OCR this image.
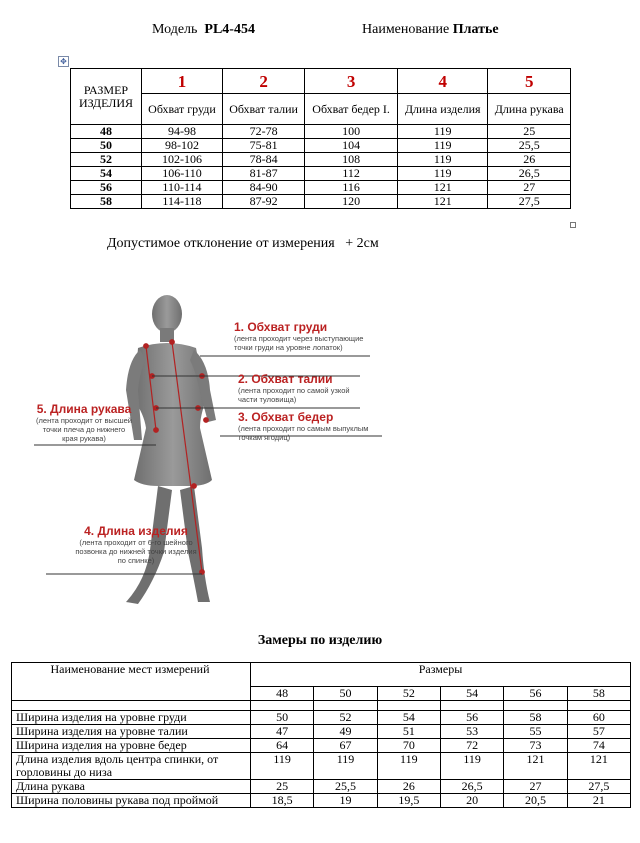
Модель PL4-454	Наименование Платье
✥
РАЗМЕР ИЗДЕЛИЯ	1	2	3	4	5
	Обхват груди	Обхват талии	Обхват бедер I.	Длина изделия	Длина рукава
48	94-98	72-78	100	119	25
50	98-102	75-81	104	119	25,5
52	102-106	78-84	108	119	26
54	106-110	81-87	112	119	26,5
56	110-114	84-90	116	121	27
58	114-118	87-92	120	121	27,5
Допустимое отклонение от измерения + 2см
1. Обхват груди
(лента проходит через выступающие точки груди на уровне лопаток)
2. Обхват талии
(лента проходит по самой узкой части туловища)
3. Обхват бедер
(лента проходит по самым выпуклым точкам ягодиц)
5. Длина рукава
(лента проходит от высшей точки плеча до нижнего края рукава)
4. Длина изделия
(лента проходит от 6-го шейного позвонка до нижней точки изделия по спинке)
Замеры по изделию
Наименование мест измерений	Размеры					
	48	50	52	54	56	58

Ширина изделия на уровне груди	50	52	54	56	58	60
Ширина изделия на уровне талии	47	49	51	53	55	57
Ширина изделия на уровне бедер	64	67	70	72	73	74
Длина изделия вдоль центра спинки, от горловины до низа	119	119	119	119	121	121
Длина рукава	25	25,5	26	26,5	27	27,5
Ширина половины рукава под проймой	18,5	19	19,5	20	20,5	21
